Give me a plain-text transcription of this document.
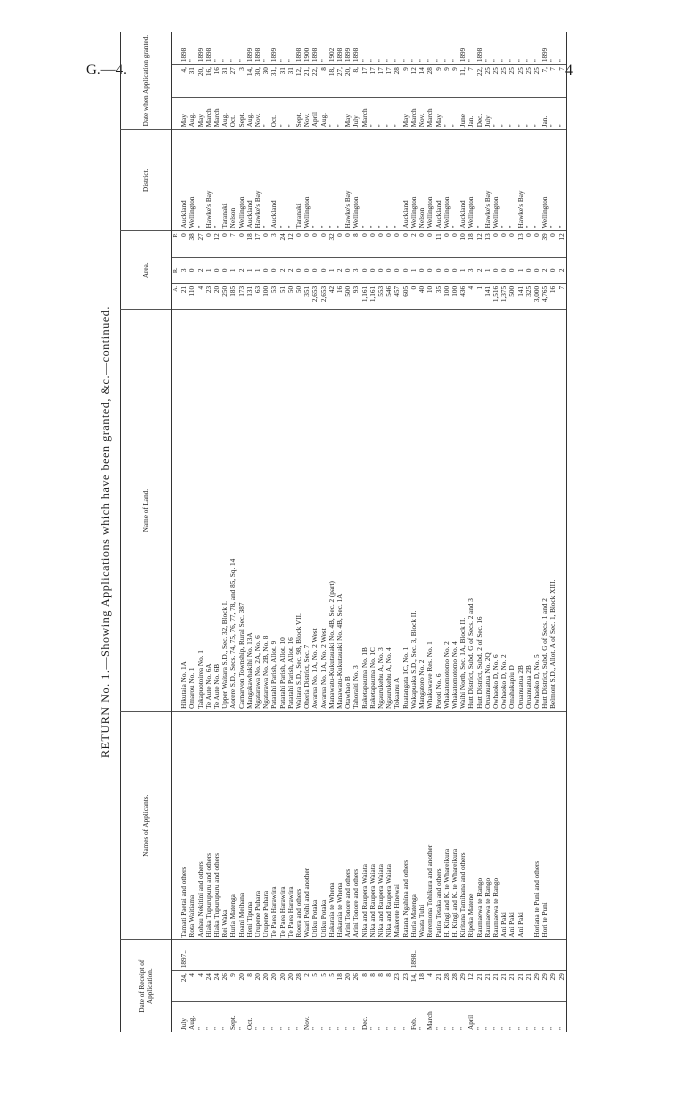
G.—4.	4
RETURN No. 1.—Showing Applications which have been granted, &c.—continued.
Date of Receipt of Application.			Names of Applicants.	Name of Land.	Area.			District.	Date when Application granted.		
					A.	R.	P.				
July	24,	1897..	Tamati Paetai and others	Hikutaia No. 1A	21	3	0	Auckland	May	4,	1898
Aug.	4		Rota Waitiama	Omarou No. 1	110	0	38	Wellington	Aug.	31	"
"	4		Aohau Nekitini and others	Takapuotoirea No. 1	4	2	27	"	May	20,	1899
"	24		Hiaka Tupurupuru and others	Te Aute No. 6A	23	1	0	Hawke's Bay	March	16,	1898
"	24		Hiaka Tupurupuru and others	Te Aute No. 6B	20	0	12	"	March	16	"
"	26		Rei Waka	Upper Waitara S.D., Sec. 32, Block I.	250	0	0	Taranaki	Aug.	31	"
Sept.	9		Huria Matenga	Aorere S.D., Secs. 74, 75, 76, 77, 78, and 85, Sq. 14	185	1	7	Nelson	Oct.	27	"
"	20		Hoani Meihana	Carnarvon Township, Rural Sec. 387	173	2	0	Wellington	Sept.	3	"
Oct.	8		Heni Tipuna	Mangakawhakihi No. 13A	131	1	18	Auckland	Aug.	14,	1899
"	20		Urupene Puhara	Ngatarawa No. 2A, No. 6	63	1	17	Hawke's Bay	Nov.	30,	1898
"	20		Urupene Puhara	Ngatarawa No. 2B, No. 8	100	0	0	"	"	30	"
"	20		Te Paea Harawira	Patatahi Parish, Allot. 9	53	0	3	Auckland	Oct.	31,	1899
"	20		Te Paea Harawira	Patatahi Parish, Allot. 10	51	2	24	"	"	31	"
"	20		Te Paea Harawira	Patatahi Parish, Allot. 16	50	2	12	"	"	31	"
"	28		Roera and others	Waitara S.D., Sec. 98, Block VII.	50	0	0	Taranaki	Sept.	12,	1898
Nov.	2		Waari Poihi and another	Oheria District, Sec. 7	351	0	0	Wellington	Nov.	21,	1900
"	5		Utiku Potaka	Awarua No. 1A, No. 2 West	2,653	0	0	"	April	22,	1898
"	5		Utiku Potaka	Awarua No. 1A, No. 2 West	2,653	0	0	"	Aug.	8	"
"	5		Hakaraia te Whena	Manawatu-Kukutauaki No. 4B, Sec. 2 (part)	42	1	32	"	"	18,	1902
"	18		Hakaraia te Whena	Manawatu-Kukutauaki No. 4B, Sec. 1A	16	2	0	"	"	27,	1898
"	20		Arini Tonore and others	Otawhao B	500	0	0	Hawke's Bay	May	20,	1899
"	26		Arini Tonore and others	Tahoraiti No. 3	93	3	8	Wellington	July	8,	1898
Dec.	8		Nika and Raupera Waiata	Raketapauma No. 1B	1,161	0	0	"	March	17	"
"	8		Nika and Raupera Waiata	Raketapauma No. 1C	1,161	0	0	"	"	17	"
"	8		Nika and Raupera Waiata	Ngaurukehu A, No. 3	553	0	0	"	"	17	"
"	8		Nika and Raupera Waiata	Ngaurukehu A, No. 4	546	0	0	"	"	17	"
"	23		Makerete Hinewai	Tokaanu A	457	0	0	"	"	28	"
"	23		Ratana Ngahina and others	Ruatangata 1C, No. 1	605	0	0	Auckland	May	9	"
Feb.	14,	1898..	Huria Matenga	Wakapuaka S.D., Sec. 3, Block II.	0	1	2	Wellington	March	12	"
"	18		Waata Tuhi	Mangatoro No. 2	40	0	0	Nelson	Nov.	14	"
March	4		Reremona Tohikura and another	Whakawave Res. No. 1	10	0	0	Wellington	March	28	"
"	21		Patira Tetaka and others	Poroti No. 6	35	0	11	Auckland	May	9	"
"	28		H. Kingi and K. te Whareikura	Whakatomotomo No. 2	100	0	0	Wellington	"	9	"
"	28		H. Kingi and K. te Whareikura	Whakatomotomo No. 4	100	0	0	"	"	9	"
"	29		Kiritana Tamihana and others	Waihi North, Sec. 1A, Block II.	436	1	10	Auckland	June	11,	1899
April	12		Ripeka Matene	Hutt District, Subd. G of Secs. 2 and 3	4	3	18	Wellington	Jan.	7	"
"	21		Raumaewa te Rango	Hutt District, Subd. 2 of Sec. 16	1	2	12	"	Dec.	22,	1898
"	21		Raumaewa te Rango	Oruanuatua No. 2Q	141	1	13	Hawke's Bay	July	25	"
"	21		Raumaewa te Rango	Owhaoko D, No. 6	1,516	0	0	Wellington	"	25	"
"	21		Ani Paki	Owhaoko D, No. 2	1,375	0	0	"	"	25	"
"	21		Ani Paki	Omahakapiu D	500	0	0	"	"	25	"
"	21		Ani Paki	Oruanuatua 2B	141	1	13	Hawke's Bay	"	25	"
"	21			Oruanuatua 2B	325	0	0	"	"	25	"
"	29		Horiana te Puni and others	Owhaoko D, No. 5	3,000	0	0	"	"	25	"
"	29		Hori te Puni	Hutt District, Subd. G of Secs. 1 and 2	4,765	2	39	Wellington	Jan.	7,	1899
"	29			Belmont S.D., Allot. A of Sec. 1, Block XIII.	16	0	0	"	"	7	"
"	29				7	2	12	"	"	7	"
